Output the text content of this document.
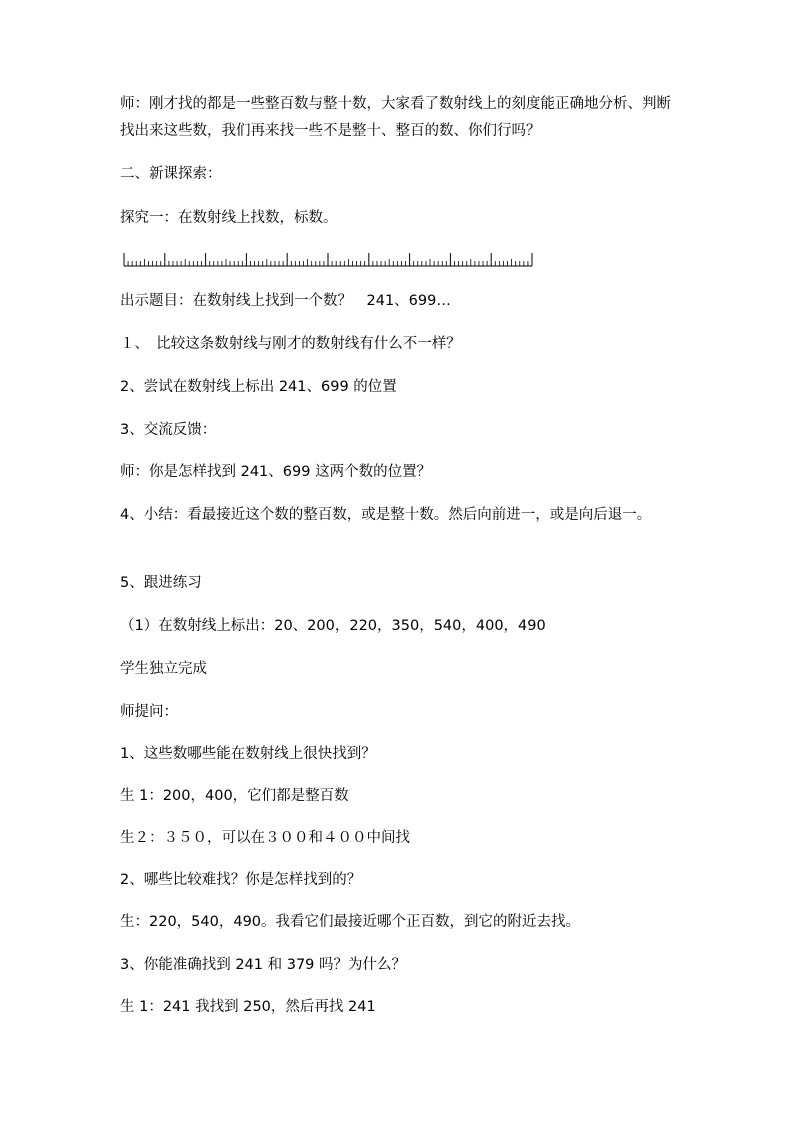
师：刚才找的都是一些整百数与整十数，大家看了数射线上的刻度能正确地分析、判断找出来这些数，我们再来找一些不是整十、整百的数、你们行吗？
二、新课探索：
探究一：在数射线上找数，标数。
出示题目：在数射线上找到一个数？　241、699…
１、　比较这条数射线与刚才的数射线有什么不一样？
2、尝试在数射线上标出 241、699 的位置
3、交流反馈：
师：你是怎样找到 241、699 这两个数的位置？
4、小结：看最接近这个数的整百数，或是整十数。然后向前进一，或是向后退一。
5、跟进练习
（1）在数射线上标出：20、200，220，350，540，400，490
学生独立完成
师提问：
1、这些数哪些能在数射线上很快找到？
生 1：200，400，它们都是整百数
生２：３５０，可以在３００和４００中间找
2、哪些比较难找？你是怎样找到的？
生：220，540，490。我看它们最接近哪个正百数，到它的附近去找。
3、你能准确找到 241 和 379 吗？为什么？
生 1：241 我找到 250，然后再找 241
